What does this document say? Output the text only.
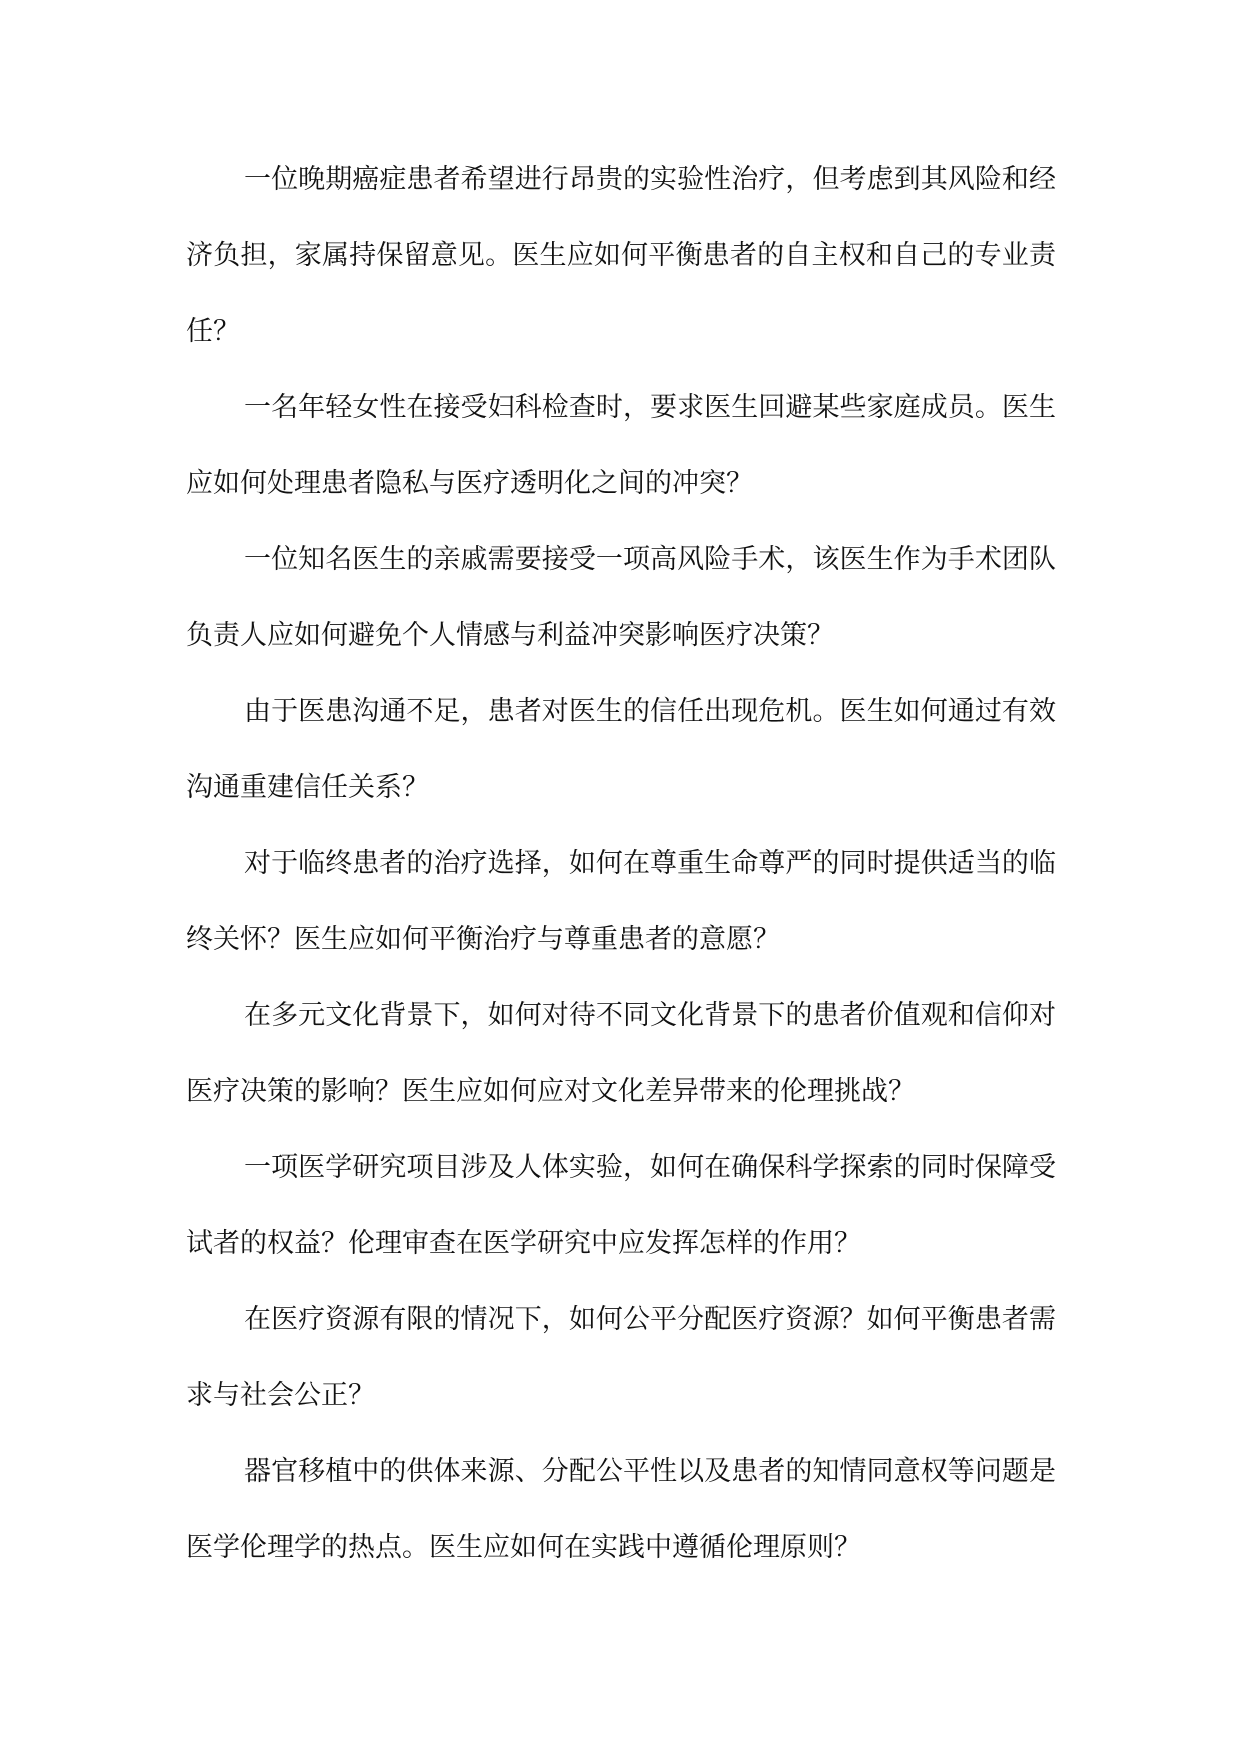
一位晚期癌症患者希望进行昂贵的实验性治疗，但考虑到其风险和经济负担，家属持保留意见。医生应如何平衡患者的自主权和自己的专业责任？

一名年轻女性在接受妇科检查时，要求医生回避某些家庭成员。医生应如何处理患者隐私与医疗透明化之间的冲突？

一位知名医生的亲戚需要接受一项高风险手术，该医生作为手术团队负责人应如何避免个人情感与利益冲突影响医疗决策？

由于医患沟通不足，患者对医生的信任出现危机。医生如何通过有效沟通重建信任关系？

对于临终患者的治疗选择，如何在尊重生命尊严的同时提供适当的临终关怀？医生应如何平衡治疗与尊重患者的意愿？

在多元文化背景下，如何对待不同文化背景下的患者价值观和信仰对医疗决策的影响？医生应如何应对文化差异带来的伦理挑战？

一项医学研究项目涉及人体实验，如何在确保科学探索的同时保障受试者的权益？伦理审查在医学研究中应发挥怎样的作用？

在医疗资源有限的情况下，如何公平分配医疗资源？如何平衡患者需求与社会公正？

器官移植中的供体来源、分配公平性以及患者的知情同意权等问题是医学伦理学的热点。医生应如何在实践中遵循伦理原则？
